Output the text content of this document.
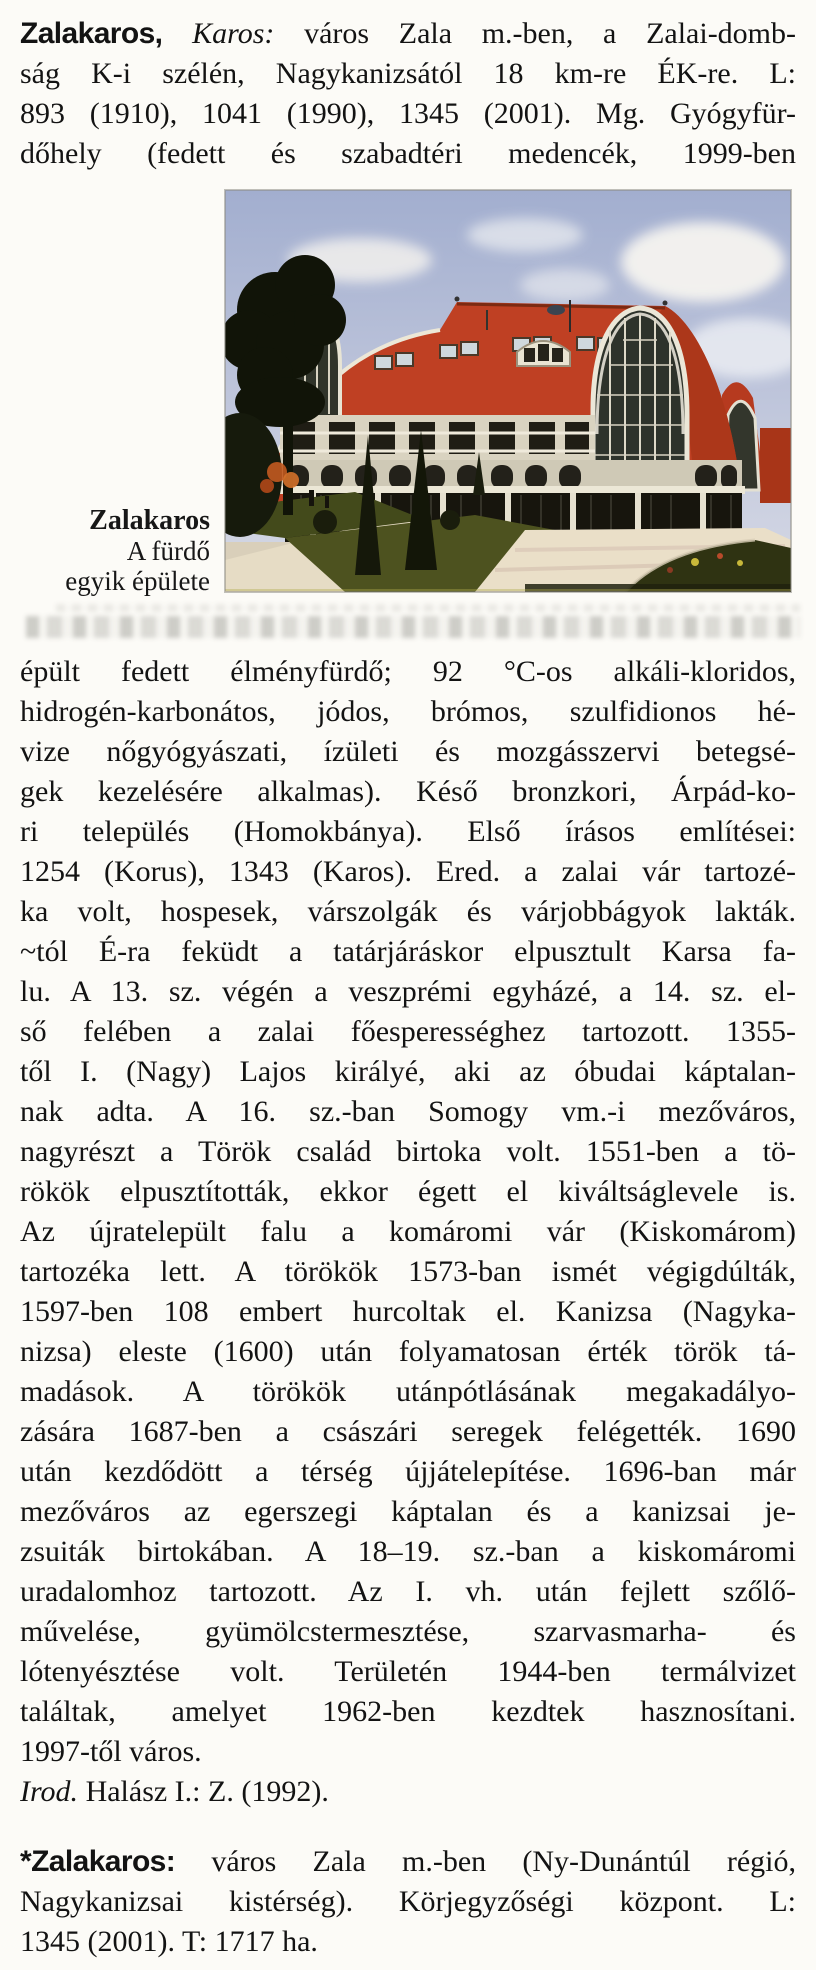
Zalakaros, Karos: város Zala m.-ben, a Zalai-domb-
ság K-i szélén, Nagykanizsától 18 km-re ÉK-re. L:
893 (1910), 1041 (1990), 1345 (2001). Mg. Gyógyfür-
dőhely (fedett és szabadtéri medencék, 1999-ben
Zalakaros
A fürdő
egyik épülete
épült fedett élményfürdő; 92 °C-os alkáli-kloridos,
hidrogén-karbonátos, jódos, brómos, szulfidionos hé-
vize nőgyógyászati, ízületi és mozgásszervi betegsé-
gek kezelésére alkalmas). Késő bronzkori, Árpád-ko-
ri település (Homokbánya). Első írásos említései:
1254 (Korus), 1343 (Karos). Ered. a zalai vár tartozé-
ka volt, hospesek, várszolgák és várjobbágyok lakták.
~tól É-ra feküdt a tatárjáráskor elpusztult Karsa fa-
lu. A 13. sz. végén a veszprémi egyházé, a 14. sz. el-
ső felében a zalai főesperességhez tartozott. 1355-
től I. (Nagy) Lajos királyé, aki az óbudai káptalan-
nak adta. A 16. sz.-ban Somogy vm.-i mezőváros,
nagyrészt a Török család birtoka volt. 1551-ben a tö-
rökök elpusztították, ekkor égett el kiváltságlevele is.
Az újratelepült falu a komáromi vár (Kiskomárom)
tartozéka lett. A törökök 1573-ban ismét végigdúlták,
1597-ben 108 embert hurcoltak el. Kanizsa (Nagyka-
nizsa) eleste (1600) után folyamatosan érték török tá-
madások. A törökök utánpótlásának megakadályo-
zására 1687-ben a császári seregek felégették. 1690
után kezdődött a térség újjátelepítése. 1696-ban már
mezőváros az egerszegi káptalan és a kanizsai je-
zsuiták birtokában. A 18–19. sz.-ban a kiskomáromi
uradalomhoz tartozott. Az I. vh. után fejlett szőlő-
művelése, gyümölcstermesztése, szarvasmarha- és
lótenyésztése volt. Területén 1944-ben termálvizet
találtak, amelyet 1962-ben kezdtek hasznosítani.
1997-től város.
Irod. Halász I.: Z. (1992).
*Zalakaros: város Zala m.-ben (Ny-Dunántúl régió,
Nagykanizsai kistérség). Körjegyzőségi központ. L:
1345 (2001). T: 1717 ha.
